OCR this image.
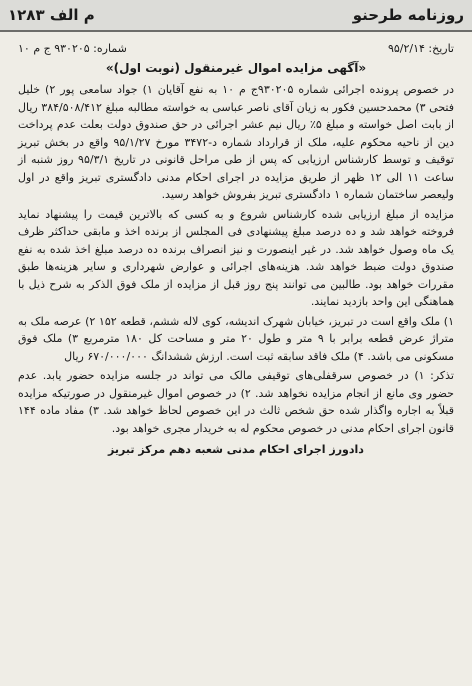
م الف ۱۲۸۳	روزنامه طرحنو
تاریخ: ۹۵/۲/۱۴
شماره: ۹۳۰۲۰۵ ج م ۱۰
«آگهی مزایده اموال غیرمنقول (نوبت اول)»

در خصوص پرونده اجرائی شماره ۹۳۰۲۰۵ج م ۱۰ به نفع آقایان ۱) جواد سامعی پور ۲) خلیل فتحی ۳) محمدحسین فکور به زیان آقای ناصر عباسی به خواسته مطالبه مبلغ ۳۸۴/۵۰۸/۴۱۲ ریال از بابت اصل خواسته و مبلغ ۵٪ ریال نیم عشر اجرائی در حق صندوق دولت بعلت عدم پرداخت دین از ناحیه محکوم علیه، ملک از قرارداد شماره د-۳۴۷۲ مورخ ۹۵/۱/۲۷ واقع در بخش تبریز توقیف و توسط کارشناس ارزیابی که پس از طی مراحل قانونی در تاریخ ۹۵/۳/۱ روز شنبه از ساعت ۱۱ الی ۱۲ ظهر از طریق مزایده در اجرای احکام مدنی دادگستری تبریز واقع در اول ولیعصر ساختمان شماره ۱ دادگستری تبریز بفروش خواهد رسید.

مزایده از مبلغ ارزیابی شده کارشناس شروع و به کسی که بالاترین قیمت را پیشنهاد نماید فروخته خواهد شد و ده درصد مبلغ پیشنهادی فی المجلس از برنده اخذ و مابقی حداکثر ظرف یک ماه وصول خواهد شد. در غیر اینصورت و نیز انصراف برنده ده درصد مبلغ اخذ شده به نفع صندوق دولت ضبط خواهد شد. هزینه‌های اجرائی و عوارض شهرداری و سایر هزینه‌ها طبق مقررات خواهد بود. طالبین می توانند پنج روز قبل از مزایده از ملک فوق الذکر به شرح ذیل با هماهنگی این واحد بازدید نمایند.

۱) ملک واقع است در تبریز، خیابان شهرک اندیشه، کوی لاله ششم، قطعه ۱۵۲ ۲) عرصه ملک به متراژ عرض قطعه برابر با ۹ متر و طول ۲۰ متر و مساحت کل ۱۸۰ مترمربع ۳) ملک فوق مسکونی می باشد. ۴) ملک فاقد سابقه ثبت است. ارزش ششدانگ ۶۷۰/۰۰۰/۰۰۰ ریال

تذکر: ۱) در خصوص سرقفلی‌های توقیفی مالک می تواند در جلسه مزایده حضور یابد. عدم حضور وی مانع از انجام مزایده نخواهد شد. ۲) در خصوص اموال غیرمنقول در صورتیکه مزایده قبلاً به اجاره واگذار شده حق شخص ثالث در این خصوص لحاظ خواهد شد. ۳) مفاد ماده ۱۴۴ قانون اجرای احکام مدنی در خصوص محکوم له به خریدار مجری خواهد بود.

دادورز اجرای احکام مدنی شعبه دهم مرکز تبریز
